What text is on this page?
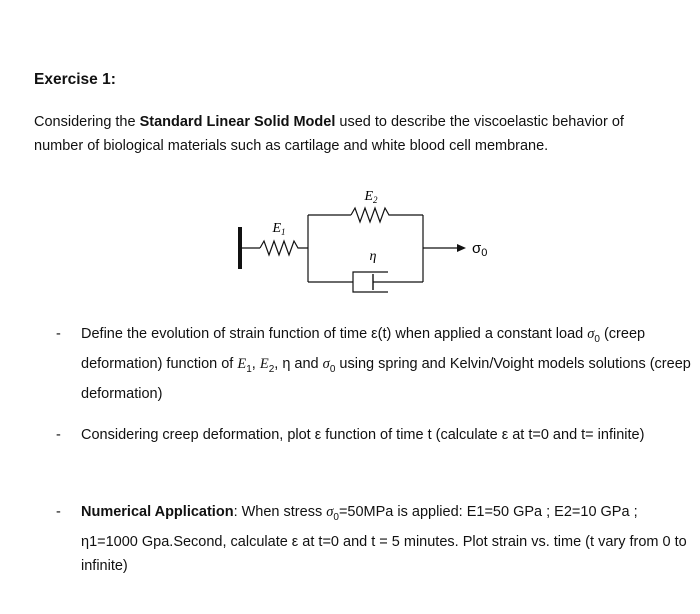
Exercise 1:
Considering the Standard Linear Solid Model used to describe the viscoelastic behavior of number of biological materials such as cartilage and white blood cell membrane.
$E_1$
$E_2$
η	$\sigma_0$
- Define the evolution of strain function of time ε(t) when applied a constant load $\sigma_0$ (creep deformation) function of $E_1$, $E_2$, η and $\sigma_0$ using spring and Kelvin/Voight models solutions (creep deformation)
- Considering creep deformation, plot ε function of time t (calculate ε at t=0 and t= infinite)
- Numerical Application: When stress $\sigma_0=50MPa$ is applied: E1=50 GPa ; E2=10 GPa ; η1=1000 Gpa.Second, calculate ε at t=0 and t = 5 minutes. Plot strain vs. time (t vary from 0 to infinite)
